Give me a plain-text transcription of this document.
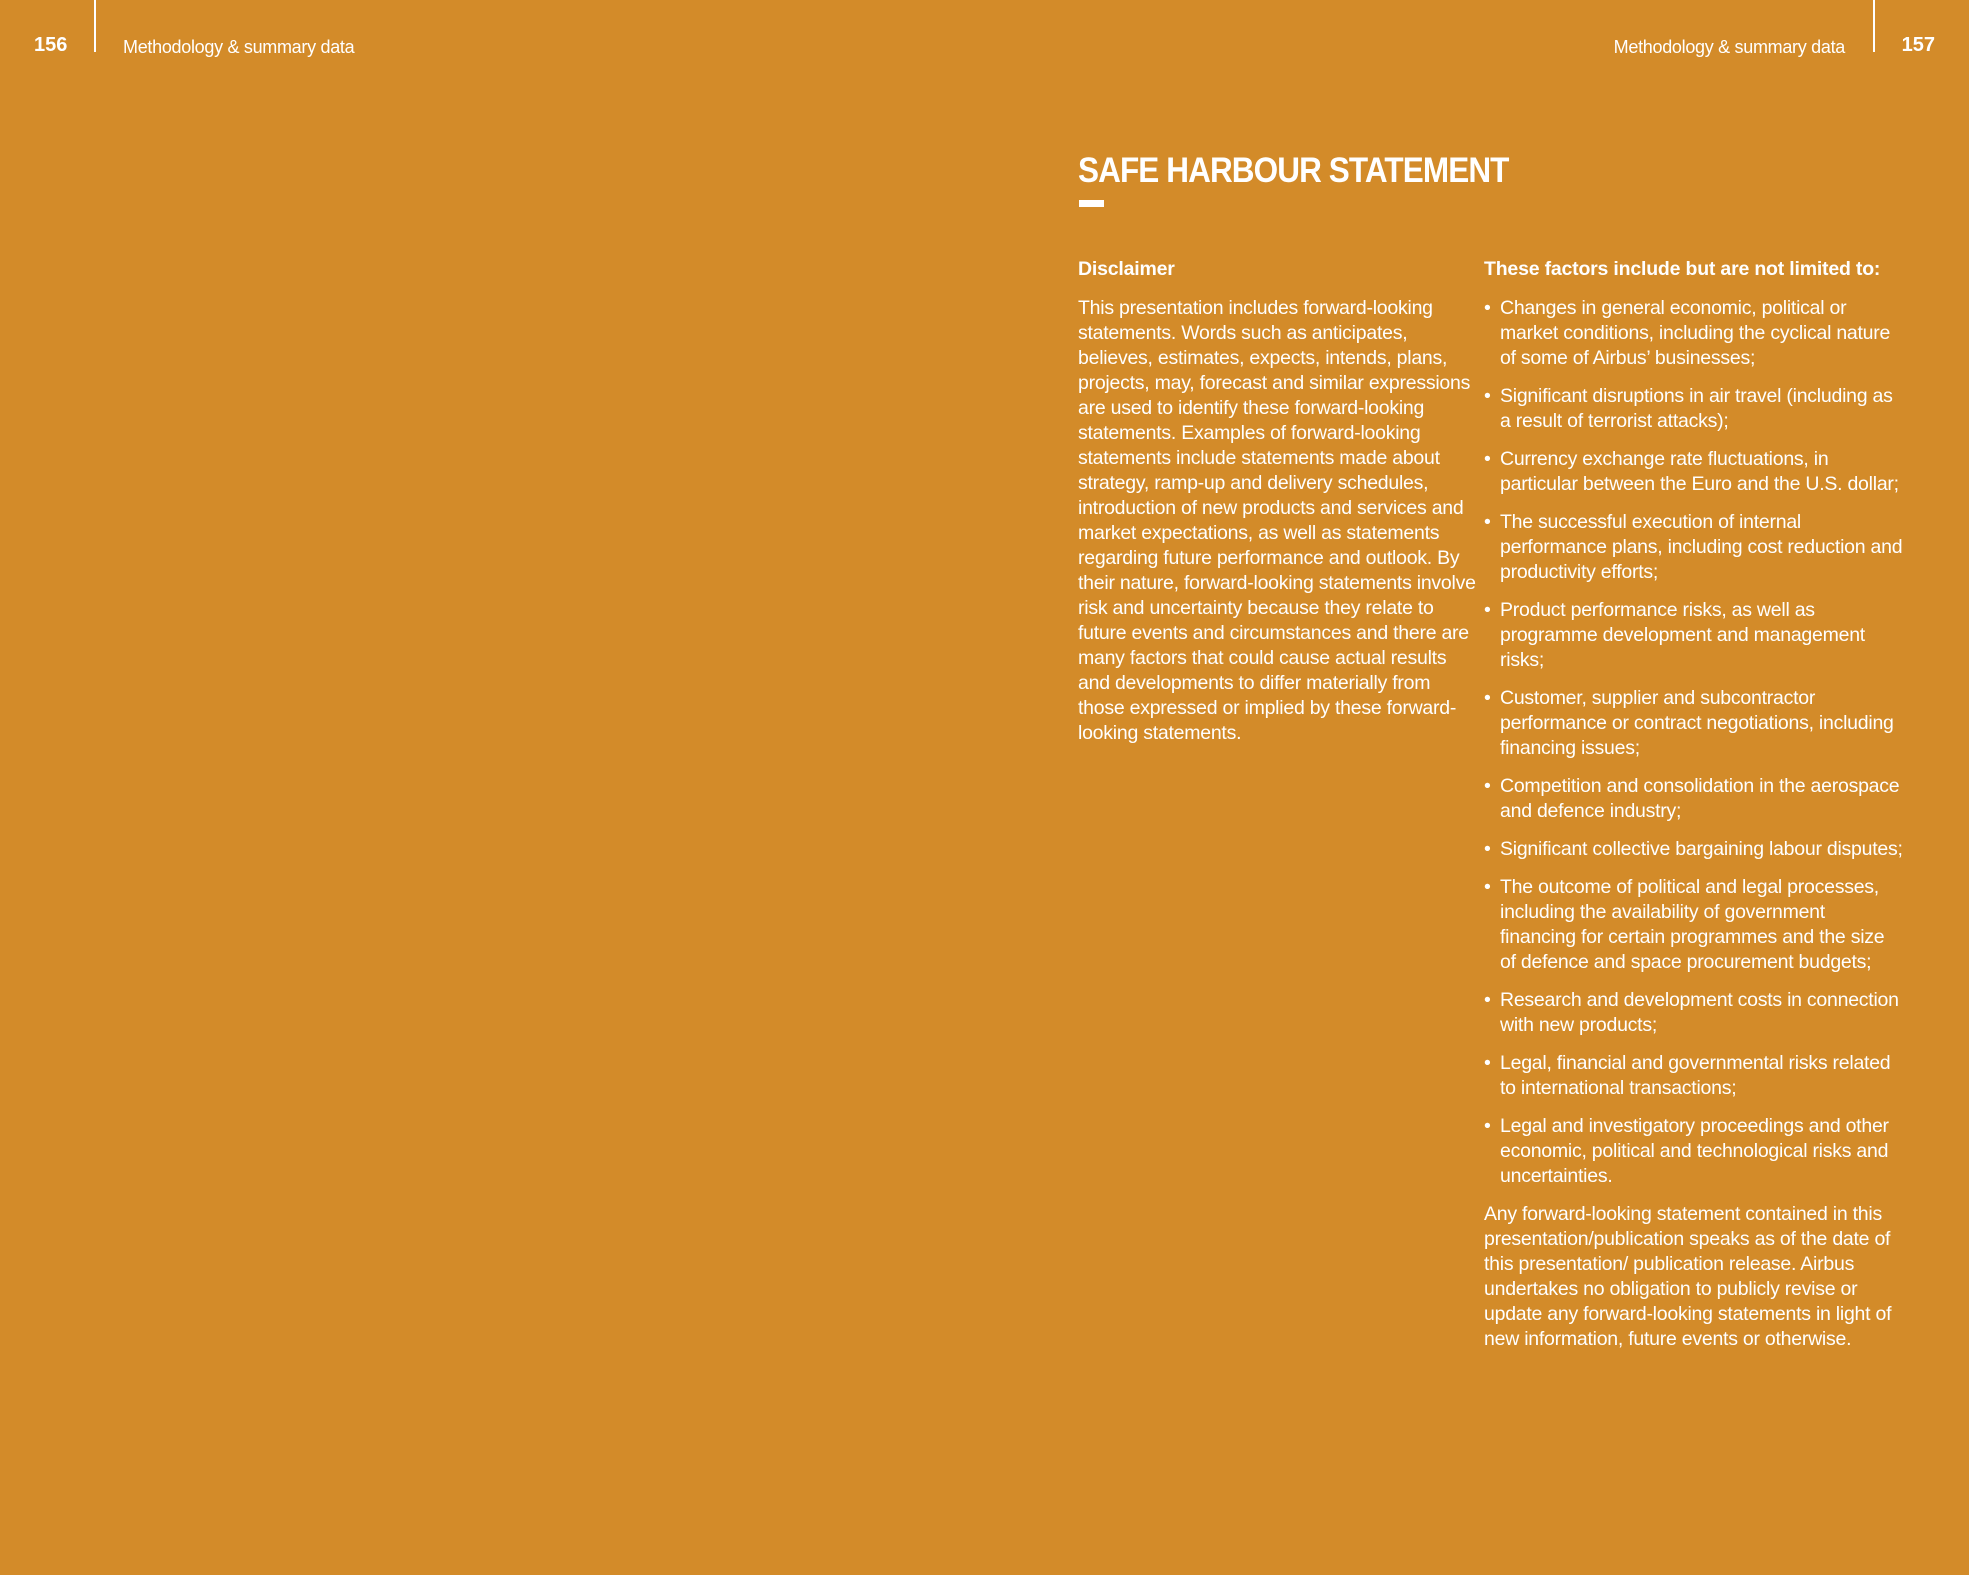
156	Methodology & summary data	Methodology & summary data	157
SAFE HARBOUR STATEMENT
Disclaimer

This presentation includes forward-looking statements. Words such as anticipates, believes, estimates, expects, intends, plans, projects, may, forecast and similar expressions are used to identify these forward-looking statements. Examples of forward-looking statements include statements made about strategy, ramp-up and delivery schedules, introduction of new products and services and market expectations, as well as statements regarding future performance and outlook. By their nature, forward-looking statements involve risk and uncertainty because they relate to future events and circumstances and there are many factors that could cause actual results and developments to differ materially from those expressed or implied by these forward-looking statements.

These factors include but are not limited to:
• Changes in general economic, political or market conditions, including the cyclical nature of some of Airbus’ businesses;
• Significant disruptions in air travel (including as a result of terrorist attacks);
• Currency exchange rate fluctuations, in particular between the Euro and the U.S. dollar;
• The successful execution of internal performance plans, including cost reduction and productivity efforts;
• Product performance risks, as well as programme development and management risks;
• Customer, supplier and subcontractor performance or contract negotiations, including financing issues;
• Competition and consolidation in the aerospace and defence industry;
• Significant collective bargaining labour disputes;
• The outcome of political and legal processes, including the availability of government financing for certain programmes and the size of defence and space procurement budgets;
• Research and development costs in connection with new products;
• Legal, financial and governmental risks related to international transactions;
• Legal and investigatory proceedings and other economic, political and technological risks and uncertainties.

Any forward-looking statement contained in this presentation/publication speaks as of the date of this presentation/ publication release. Airbus undertakes no obligation to publicly revise or update any forward-looking statements in light of new information, future events or otherwise.
